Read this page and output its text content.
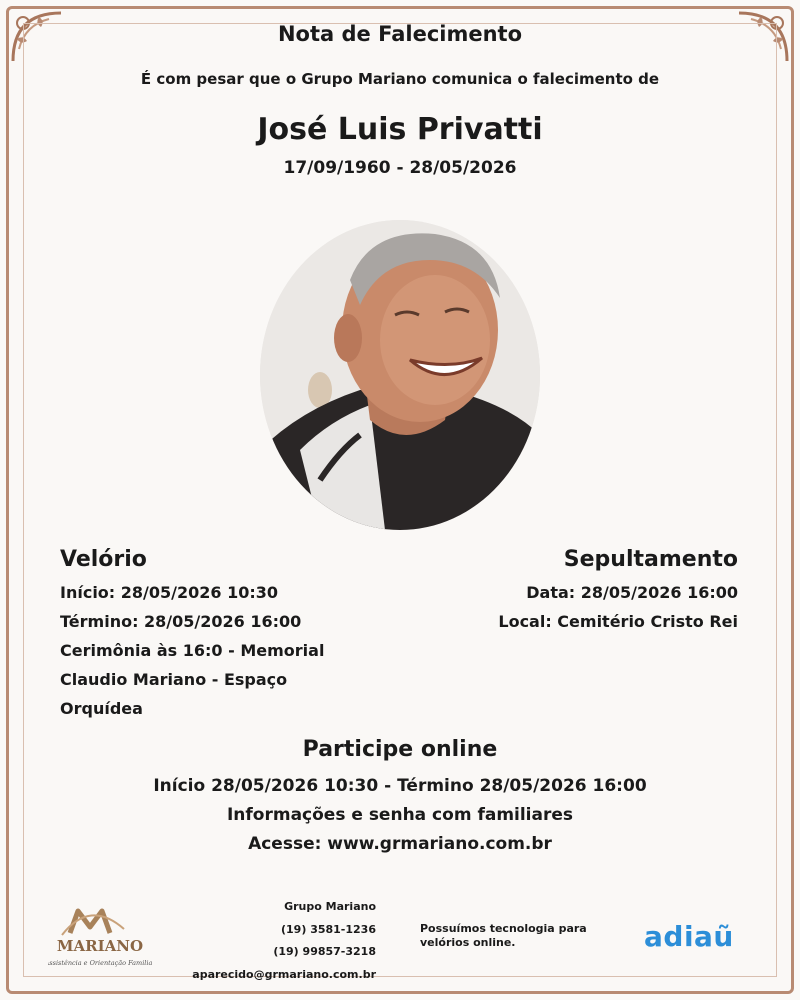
Nota de Falecimento
É com pesar que o Grupo Mariano comunica o falecimento de
José Luis Privatti
17/09/1960 - 28/05/2026
Velório
Início: 28/05/2026 10:30
Término: 28/05/2026 16:00
Cerimônia às 16:0 - Memorial
Claudio Mariano - Espaço
Orquídea
Sepultamento
Data: 28/05/2026 16:00
Local: Cemitério Cristo Rei
Participe online
Início 28/05/2026 10:30 - Término 28/05/2026 16:00
Informações e senha com familiares
Acesse: www.grmariano.com.br
MARIANO
Assistência e Orientação Familiar
Grupo Mariano
(19) 3581-1236
(19) 99857-3218
aparecido@grmariano.com.br
Possuímos tecnologia para velórios online.	adiaũ
